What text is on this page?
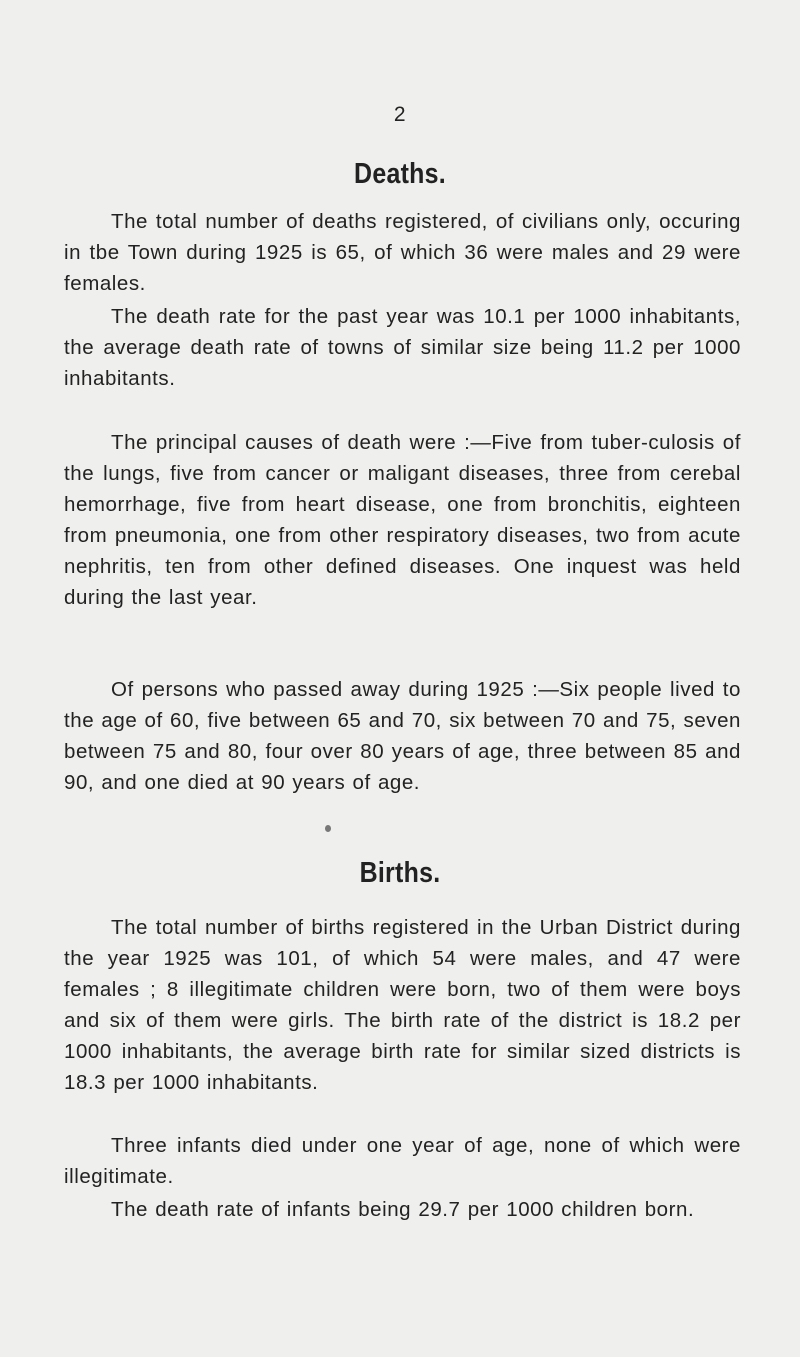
2
Deaths.

The total number of deaths registered, of civilians only, occuring in tbe Town during 1925 is 65, of which 36 were males and 29 were females.

The death rate for the past year was 10.1 per 1000 inhabitants, the average death rate of towns of similar size being 11.2 per 1000 inhabitants.

The principal causes of death were :—Five from tuber-culosis of the lungs, five from cancer or maligant diseases, three from cerebal hemorrhage, five from heart disease, one from bronchitis, eighteen from pneumonia, one from other respiratory diseases, two from acute nephritis, ten from other defined diseases. One inquest was held during the last year.

Of persons who passed away during 1925 :—Six people lived to the age of 60, five between 65 and 70, six between 70 and 75, seven between 75 and 80, four over 80 years of age, three between 85 and 90, and one died at 90 years of age.

Births.

The total number of births registered in the Urban District during the year 1925 was 101, of which 54 were males, and 47 were females ; 8 illegitimate children were born, two of them were boys and six of them were girls. The birth rate of the district is 18.2 per 1000 inhabitants, the average birth rate for similar sized districts is 18.3 per 1000 inhabitants.

Three infants died under one year of age, none of which were illegitimate.

The death rate of infants being 29.7 per 1000 children born.
